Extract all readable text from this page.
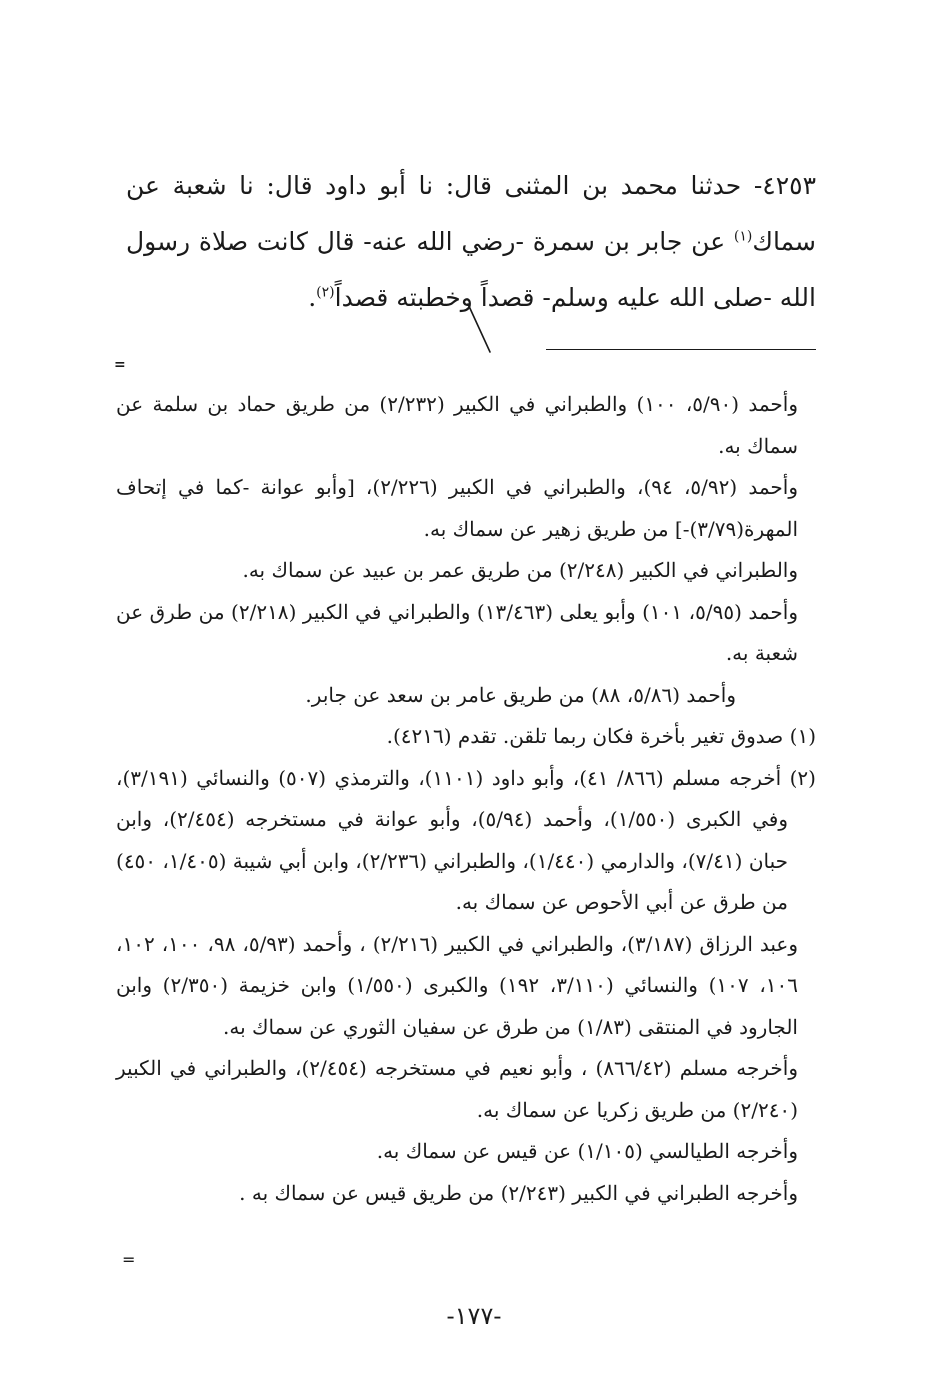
٤٢٥٣- حدثنا محمد بن المثنى قال: نا أبو داود قال: نا شعبة عن سماك$^{(١)}$ عن جابر بن سمرة -رضي الله عنه- قال كانت صلاة رسول الله -صلى الله عليه وسلم- قصداً وخطبته قصداً$^{(٢)}$.
=

وأحمد (٥/٩٠، ١٠٠) والطبراني في الكبير (٢/٢٣٢) من طريق حماد بن سلمة عن سماك به.

وأحمد (٥/٩٢، ٩٤)، والطبراني في الكبير (٢/٢٢٦)، [وأبو عوانة -كما في إتحاف المهرة(٣/٧٩)-] من طريق زهير عن سماك به.

والطبراني في الكبير (٢/٢٤٨) من طريق عمر بن عبيد عن سماك به.

وأحمد (٥/٩٥، ١٠١) وأبو يعلى (١٣/٤٦٣) والطبراني في الكبير (٢/٢١٨) من طرق عن شعبة به.

وأحمد (٥/٨٦، ٨٨) من طريق عامر بن سعد عن جابر.

(١) صدوق تغير بأخرة فكان ربما تلقن. تقدم (٤٢١٦).

(٢) أخرجه مسلم (٨٦٦/ ٤١)، وأبو داود (١١٠١)، والترمذي (٥٠٧) والنسائي (٣/١٩١)، وفي الكبرى (١/٥٥٠)، وأحمد (٥/٩٤)، وأبو عوانة في مستخرجه (٢/٤٥٤)، وابن حبان (٧/٤١)، والدارمي (١/٤٤٠)، والطبراني (٢/٢٣٦)، وابن أبي شيبة (١/٤٠٥، ٤٥٠) من طرق عن أبي الأحوص عن سماك به.

وعبد الرزاق (٣/١٨٧)، والطبراني في الكبير (٢/٢١٦) ، وأحمد (٥/٩٣، ٩٨، ١٠٠، ١٠٢، ١٠٦، ١٠٧) والنسائي (٣/١١٠، ١٩٢) والكبرى (١/٥٥٠) وابن خزيمة (٢/٣٥٠) وابن الجارود في المنتقى (١/٨٣) من طرق عن سفيان الثوري عن سماك به.

وأخرجه مسلم (٨٦٦/٤٢) ، وأبو نعيم في مستخرجه (٢/٤٥٤)، والطبراني في الكبير (٢/٢٤٠) من طريق زكريا عن سماك به.

وأخرجه الطيالسي (١/١٠٥) عن قيس عن سماك به.

وأخرجه الطبراني في الكبير (٢/٢٤٣) من طريق قيس عن سماك به .

=
-١٧٧-
